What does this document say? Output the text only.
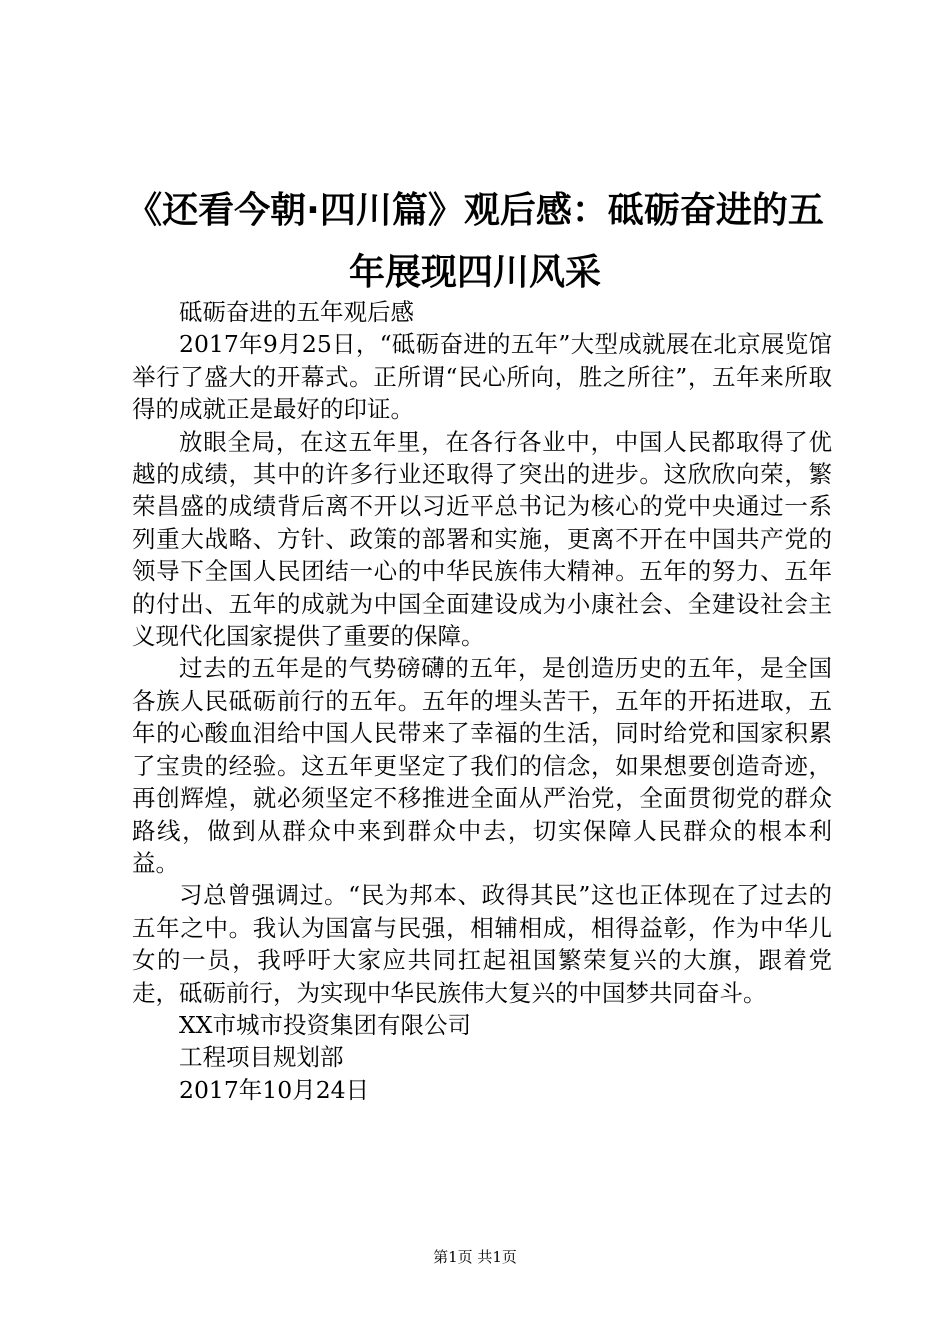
《还看今朝·四川篇》观后感：砥砺奋进的五年展现四川风采

砥砺奋进的五年观后感

2017年9月25日，“砥砺奋进的五年”大型成就展在北京展览馆举行了盛大的开幕式。正所谓“民心所向，胜之所往”，五年来所取得的成就正是最好的印证。

放眼全局，在这五年里，在各行各业中，中国人民都取得了优越的成绩，其中的许多行业还取得了突出的进步。这欣欣向荣，繁荣昌盛的成绩背后离不开以习近平总书记为核心的党中央通过一系列重大战略、方针、政策的部署和实施，更离不开在中国共产党的领导下全国人民团结一心的中华民族伟大精神。五年的努力、五年的付出、五年的成就为中国全面建设成为小康社会、全建设社会主义现代化国家提供了重要的保障。

过去的五年是的气势磅礴的五年，是创造历史的五年，是全国各族人民砥砺前行的五年。五年的埋头苦干，五年的开拓进取，五年的心酸血泪给中国人民带来了幸福的生活，同时给党和国家积累了宝贵的经验。这五年更坚定了我们的信念，如果想要创造奇迹，再创辉煌，就必须坚定不移推进全面从严治党，全面贯彻党的群众路线，做到从群众中来到群众中去，切实保障人民群众的根本利益。

习总曾强调过。“民为邦本、政得其民”这也正体现在了过去的五年之中。我认为国富与民强，相辅相成，相得益彰，作为中华儿女的一员，我呼吁大家应共同扛起祖国繁荣复兴的大旗，跟着党走，砥砺前行，为实现中华民族伟大复兴的中国梦共同奋斗。

XX市城市投资集团有限公司

工程项目规划部

2017年10月24日

第1页 共1页
